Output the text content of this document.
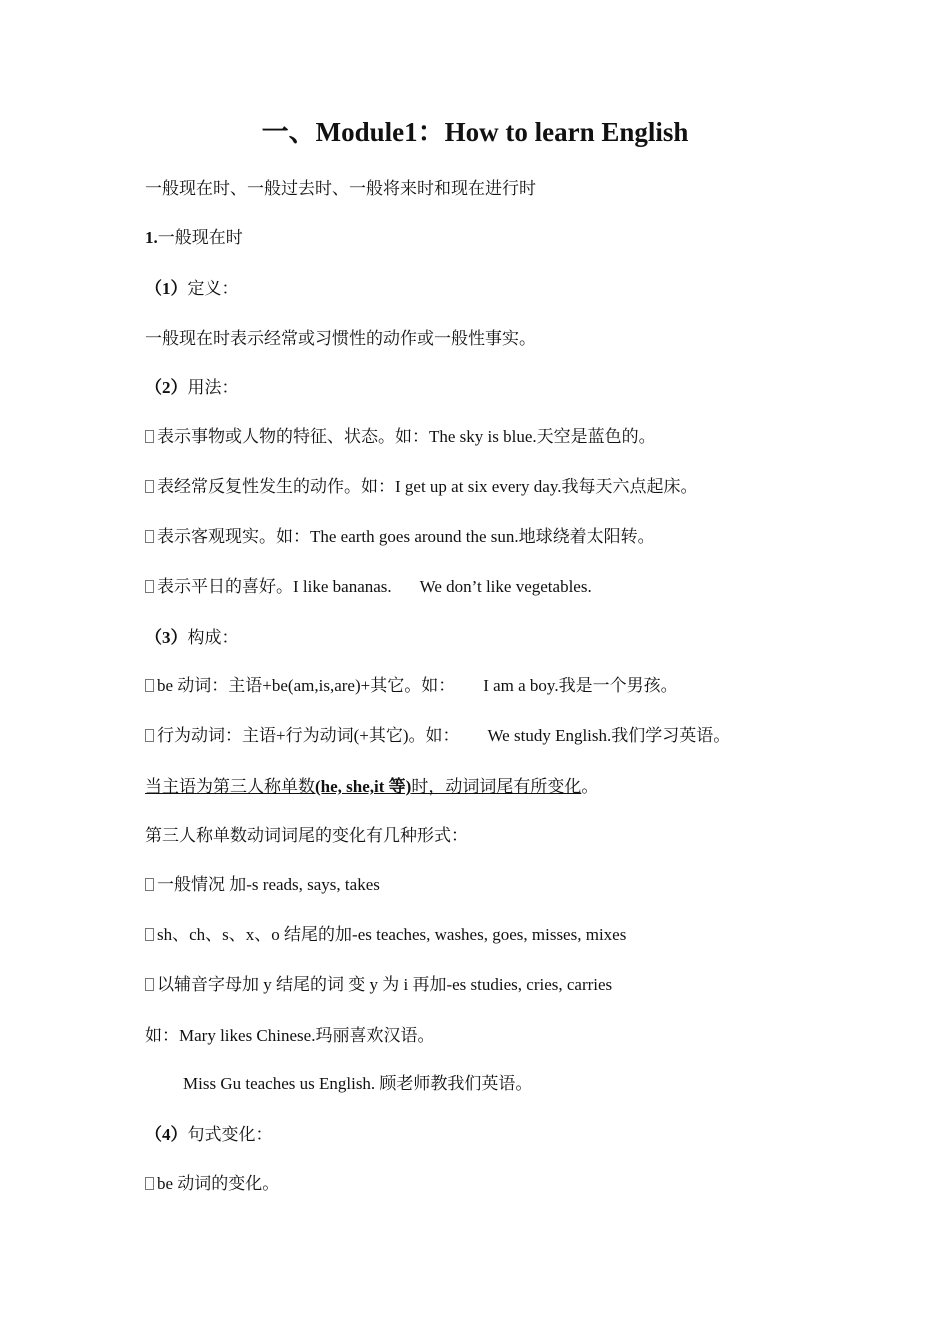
一、Module1：How to learn English
一般现在时、一般过去时、一般将来时和现在进行时
1.一般现在时
（1）定义：
一般现在时表示经常或习惯性的动作或一般性事实。
（2）用法：
表示事物或人物的特征、状态。如：The sky is blue.天空是蓝色的。
表经常反复性发生的动作。如：I get up at six every day.我每天六点起床。
表示客观现实。如：The earth goes around the sun.地球绕着太阳转。
表示平日的喜好。I like bananas. We don’t like vegetables.
（3）构成：
be 动词：主语+be(am,is,are)+其它。如： I am a boy.我是一个男孩。
行为动词：主语+行为动词(+其它)。如： We study English.我们学习英语。
当主语为第三人称单数(he, she,it 等)时，动词词尾有所变化。
第三人称单数动词词尾的变化有几种形式：
一般情况 加-s reads, says, takes
sh、ch、s、x、o 结尾的加-es teaches, washes, goes, misses, mixes
以辅音字母加 y 结尾的词 变 y 为 i 再加-es studies, cries, carries
如：Mary likes Chinese.玛丽喜欢汉语。
Miss Gu teaches us English. 顾老师教我们英语。
（4）句式变化：
be 动词的变化。
